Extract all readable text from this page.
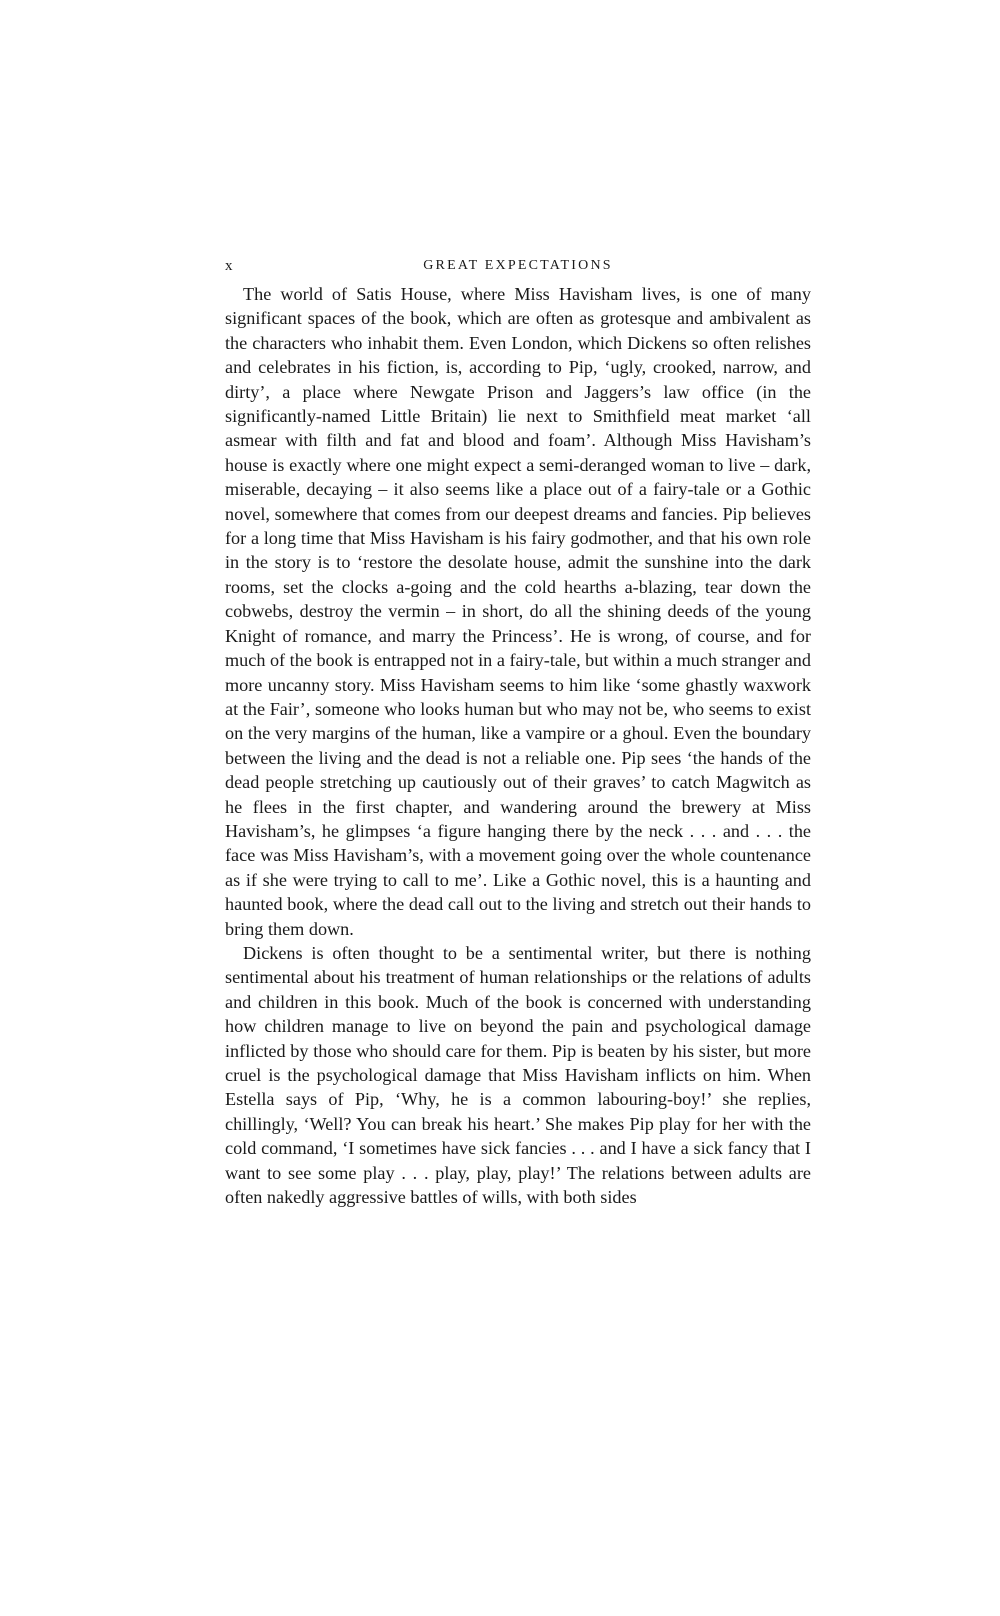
x	GREAT EXPECTATIONS

The world of Satis House, where Miss Havisham lives, is one of many significant spaces of the book, which are often as grotesque and ambivalent as the characters who inhabit them. Even London, which Dickens so often relishes and celebrates in his fiction, is, according to Pip, ‘ugly, crooked, narrow, and dirty’, a place where Newgate Prison and Jaggers’s law office (in the significantly-named Little Britain) lie next to Smithfield meat market ‘all asmear with filth and fat and blood and foam’. Although Miss Havisham’s house is exactly where one might expect a semi-deranged woman to live – dark, miserable, decaying – it also seems like a place out of a fairy-tale or a Gothic novel, somewhere that comes from our deepest dreams and fancies. Pip believes for a long time that Miss Havisham is his fairy godmother, and that his own role in the story is to ‘restore the desolate house, admit the sunshine into the dark rooms, set the clocks a-going and the cold hearths a-blazing, tear down the cobwebs, destroy the vermin – in short, do all the shining deeds of the young Knight of romance, and marry the Princess’. He is wrong, of course, and for much of the book is entrapped not in a fairy-tale, but within a much stranger and more uncanny story. Miss Havisham seems to him like ‘some ghastly waxwork at the Fair’, someone who looks human but who may not be, who seems to exist on the very margins of the human, like a vampire or a ghoul. Even the boundary between the living and the dead is not a reliable one. Pip sees ‘the hands of the dead people stretching up cautiously out of their graves’ to catch Magwitch as he flees in the first chapter, and wandering around the brewery at Miss Havisham’s, he glimpses ‘a figure hanging there by the neck . . . and . . . the face was Miss Havisham’s, with a movement going over the whole countenance as if she were trying to call to me’. Like a Gothic novel, this is a haunting and haunted book, where the dead call out to the living and stretch out their hands to bring them down.

Dickens is often thought to be a sentimental writer, but there is nothing sentimental about his treatment of human relationships or the relations of adults and children in this book. Much of the book is concerned with understanding how children manage to live on beyond the pain and psychological damage inflicted by those who should care for them. Pip is beaten by his sister, but more cruel is the psychological damage that Miss Havisham inflicts on him. When Estella says of Pip, ‘Why, he is a common labouring-boy!’ she replies, chillingly, ‘Well? You can break his heart.’ She makes Pip play for her with the cold command, ‘I sometimes have sick fancies . . . and I have a sick fancy that I want to see some play . . . play, play, play!’ The relations between adults are often nakedly aggressive battles of wills, with both sides
